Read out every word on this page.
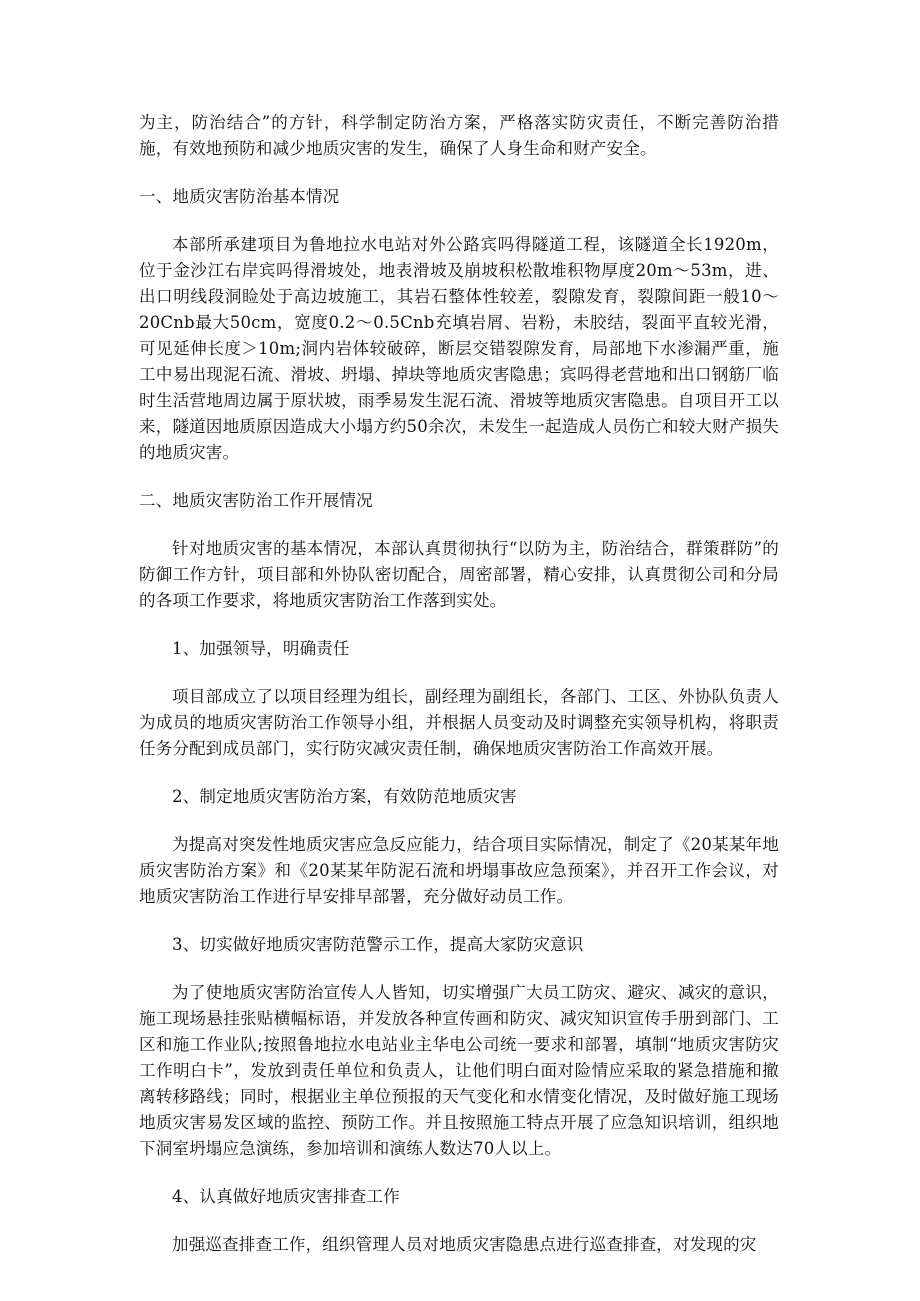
为主，防治结合”的方针，科学制定防治方案，严格落实防灾责任，不断完善防治措施，有效地预防和减少地质灾害的发生，确保了人身生命和财产安全。

一、地质灾害防治基本情况

本部所承建项目为鲁地拉水电站对外公路宾吗得隧道工程，该隧道全长1920m，位于金沙江右岸宾吗得滑坡处，地表滑坡及崩坡积松散堆积物厚度20m～53m，进、出口明线段洞睑处于高边坡施工，其岩石整体性较差，裂隙发育，裂隙间距一般10～20Cnb最大50cm，宽度0.2～0.5Cnb充填岩屑、岩粉，未胶结，裂面平直较光滑，可见延伸长度＞10m;洞内岩体较破碎，断层交错裂隙发育，局部地下水渗漏严重，施工中易出现泥石流、滑坡、坍塌、掉块等地质灾害隐患；宾吗得老营地和出口钢筋厂临时生活营地周边属于原状坡，雨季易发生泥石流、滑坡等地质灾害隐患。自项目开工以来，隧道因地质原因造成大小塌方约50余次，未发生一起造成人员伤亡和较大财产损失的地质灾害。

二、地质灾害防治工作开展情况

针对地质灾害的基本情况，本部认真贯彻执行“以防为主，防治结合，群策群防”的防御工作方针，项目部和外协队密切配合，周密部署，精心安排，认真贯彻公司和分局的各项工作要求，将地质灾害防治工作落到实处。

1、加强领导，明确责任

项目部成立了以项目经理为组长，副经理为副组长，各部门、工区、外协队负责人为成员的地质灾害防治工作领导小组，并根据人员变动及时调整充实领导机构，将职责任务分配到成员部门，实行防灾减灾责任制，确保地质灾害防治工作高效开展。

2、制定地质灾害防治方案，有效防范地质灾害

为提高对突发性地质灾害应急反应能力，结合项目实际情况，制定了《20某某年地质灾害防治方案》和《20某某年防泥石流和坍塌事故应急预案》，并召开工作会议，对地质灾害防治工作进行早安排早部署，充分做好动员工作。

3、切实做好地质灾害防范警示工作，提高大家防灾意识

为了使地质灾害防治宣传人人皆知，切实增强广大员工防灾、避灾、减灾的意识，施工现场悬挂张贴横幅标语，并发放各种宣传画和防灾、减灾知识宣传手册到部门、工区和施工作业队;按照鲁地拉水电站业主华电公司统一要求和部署，填制“地质灾害防灾工作明白卡”，发放到责任单位和负责人，让他们明白面对险情应采取的紧急措施和撤离转移路线；同时，根据业主单位预报的天气变化和水情变化情况，及时做好施工现场地质灾害易发区域的监控、预防工作。并且按照施工特点开展了应急知识培训，组织地下洞室坍塌应急演练，参加培训和演练人数达70人以上。

4、认真做好地质灾害排查工作

加强巡查排查工作，组织管理人员对地质灾害隐患点进行巡查排查，对发现的灾
